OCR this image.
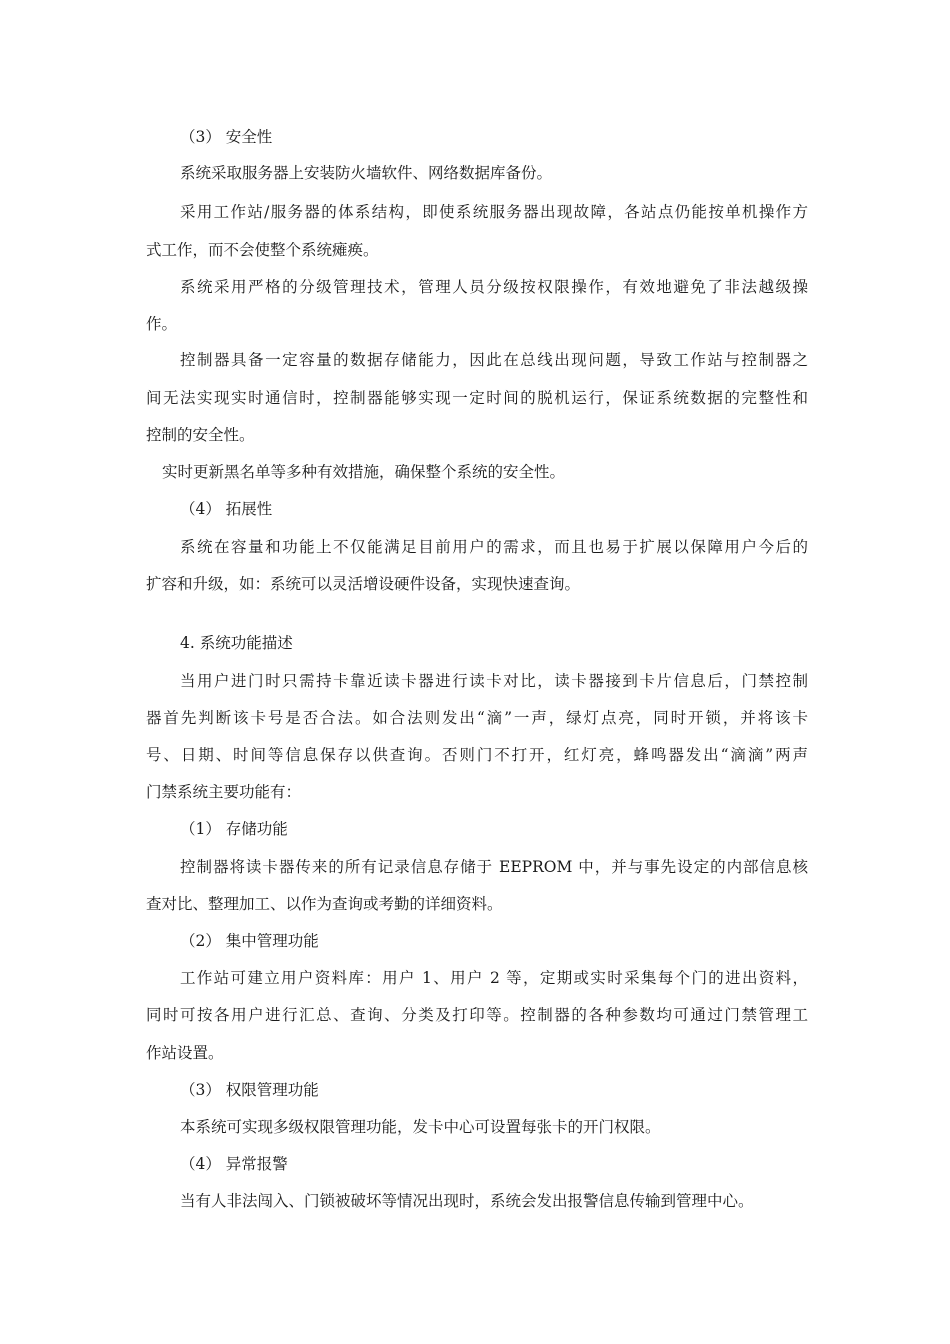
（3） 安全性
系统采取服务器上安装防火墙软件、网络数据库备份。
采用工作站/服务器的体系结构，即使系统服务器出现故障，各站点仍能按单机操作方
式工作，而不会使整个系统瘫痪。
系统采用严格的分级管理技术，管理人员分级按权限操作，有效地避免了非法越级操
作。
控制器具备一定容量的数据存储能力，因此在总线出现问题，导致工作站与控制器之
间无法实现实时通信时，控制器能够实现一定时间的脱机运行，保证系统数据的完整性和
控制的安全性。
实时更新黑名单等多种有效措施，确保整个系统的安全性。
（4） 拓展性
系统在容量和功能上不仅能满足目前用户的需求，而且也易于扩展以保障用户今后的
扩容和升级，如：系统可以灵活增设硬件设备，实现快速查询。
4. 系统功能描述
当用户进门时只需持卡靠近读卡器进行读卡对比，读卡器接到卡片信息后，门禁控制
器首先判断该卡号是否合法。如合法则发出“滴”一声，绿灯点亮，同时开锁，并将该卡
号、日期、时间等信息保存以供查询。否则门不打开，红灯亮，蜂鸣器发出“滴滴”两声
门禁系统主要功能有：
（1） 存储功能
控制器将读卡器传来的所有记录信息存储于 EEPROM 中，并与事先设定的内部信息核
查对比、整理加工、以作为查询或考勤的详细资料。
（2） 集中管理功能
工作站可建立用户资料库：用户 1、用户 2 等，定期或实时采集每个门的进出资料，
同时可按各用户进行汇总、查询、分类及打印等。控制器的各种参数均可通过门禁管理工
作站设置。
（3） 权限管理功能
本系统可实现多级权限管理功能，发卡中心可设置每张卡的开门权限。
（4） 异常报警
当有人非法闯入、门锁被破坏等情况出现时，系统会发出报警信息传输到管理中心。
